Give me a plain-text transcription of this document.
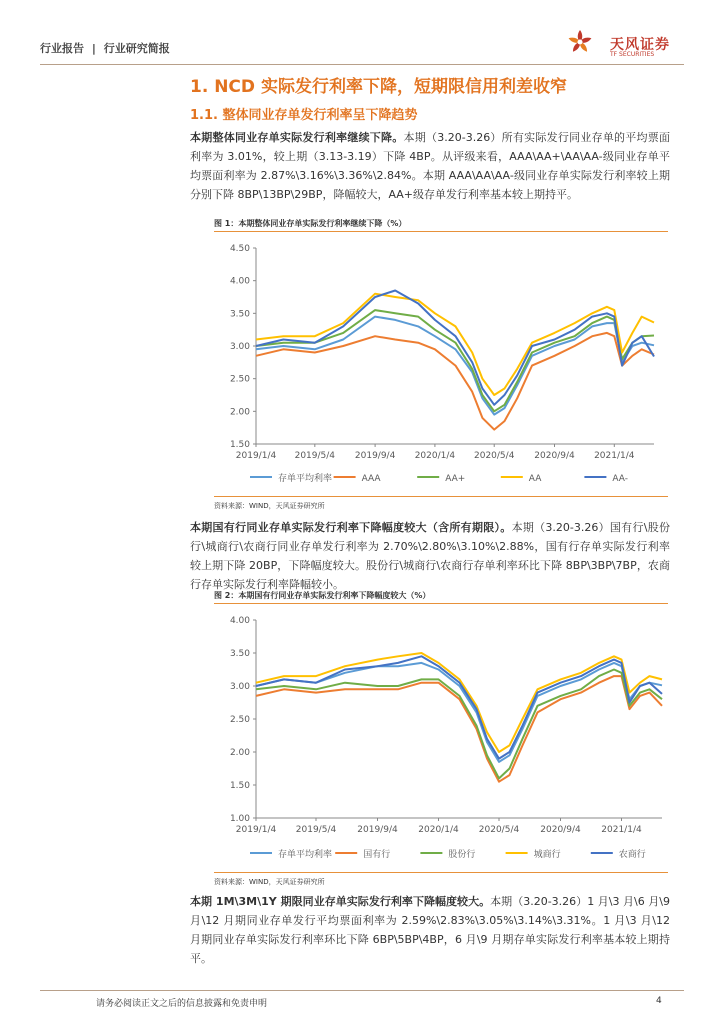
行业报告 | 行业研究简报	天风证券
TF SECURITIES
1. NCD 实际发行利率下降，短期限信用利差收窄
1.1. 整体同业存单发行利率呈下降趋势
本期整体同业存单实际发行利率继续下降。本期（3.20-3.26）所有实际发行同业存单的平均票面利率为 3.01%，较上期（3.13-3.19）下降 4BP。从评级来看，AAA\AA+\AA\AA-级同业存单平均票面利率为 2.87%\3.16%\3.36%\2.84%。本期 AAA\AA\AA-级同业存单实际发行利率较上期分别下降 8BP\13BP\29BP，降幅较大，AA+级存单发行利率基本较上期持平。
图 1：本期整体同业存单实际发行利率继续下降（%）
1.50
2.00
2.50
3.00
3.50
4.00
4.50
2019/1/4 2019/5/4 2019/9/4 2020/1/4 2020/5/4 2020/9/4 2021/1/4
存单平均利率	AAA	AA+	AA	AA-
资料来源：WIND，天风证券研究所
本期国有行同业存单实际发行利率下降幅度较大（含所有期限）。本期（3.20-3.26）国有行\股份行\城商行\农商行同业存单发行利率为 2.70%\2.80%\3.10%\2.88%，国有行存单实际发行利率较上期下降 20BP，下降幅度较大。股份行\城商行\农商行存单利率环比下降 8BP\3BP\7BP，农商行存单实际发行利率降幅较小。
图 2：本期国有行同业存单实际发行利率下降幅度较大（%）
1.00
1.50
2.00
2.50
3.00
3.50
4.00
2019/1/4 2019/5/4 2019/9/4 2020/1/4 2020/5/4 2020/9/4 2021/1/4
存单平均利率	国有行	股份行	城商行	农商行
资料来源：WIND，天风证券研究所
本期 1M\3M\1Y 期限同业存单实际发行利率下降幅度较大。本期（3.20-3.26）1 月\3 月\6 月\9 月\12 月期同业存单发行平均票面利率为 2.59%\2.83%\3.05%\3.14%\3.31%。1 月\3 月\12 月期同业存单实际发行利率环比下降 6BP\5BP\4BP，6 月\9 月期存单实际发行利率基本较上期持平。
请务必阅读正文之后的信息披露和免责申明	4
